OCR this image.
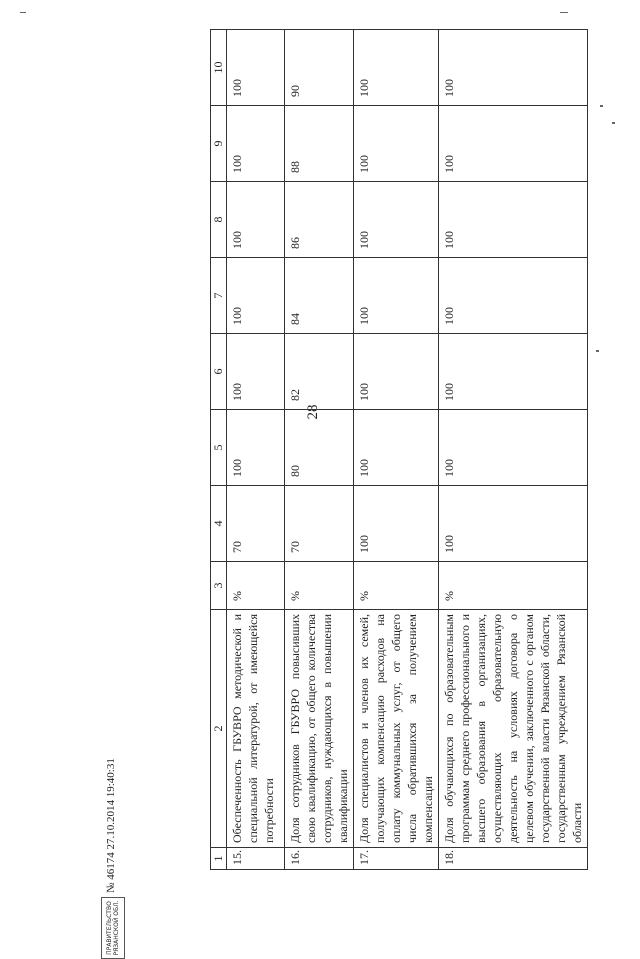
28
1	2	3	4	5	6	7	8	9	10
15.	Обеспеченность ГБУВРО методической и специальной литературой, от имеющейся потребности	%	70	100	100	100	100	100	100
16.	Доля сотрудников ГБУВРО повысивших свою квалификацию, от общего количества сотрудников, нуждающихся в повышении квалификации	%	70	80	82	84	86	88	90
17.	Доля специалистов и членов их семей, получающих компенсацию расходов на оплату коммунальных услуг, от общего числа обратившихся за получением компенсации	%	100	100	100	100	100	100	100
18.	Доля обучающихся по образовательным программам среднего профессионального и высшего образования в организациях, осуществляющих образовательную деятельность на условиях договора о целевом обучении, заключенного с органом государственной власти Рязанской области, государственным учреждением Рязанской области	%	100	100	100	100	100	100	100
ПРАВИТЕЛЬСТВО РЯЗАНСКОЙ ОБЛ.
№ 46174 27.10.2014 19:40:31
